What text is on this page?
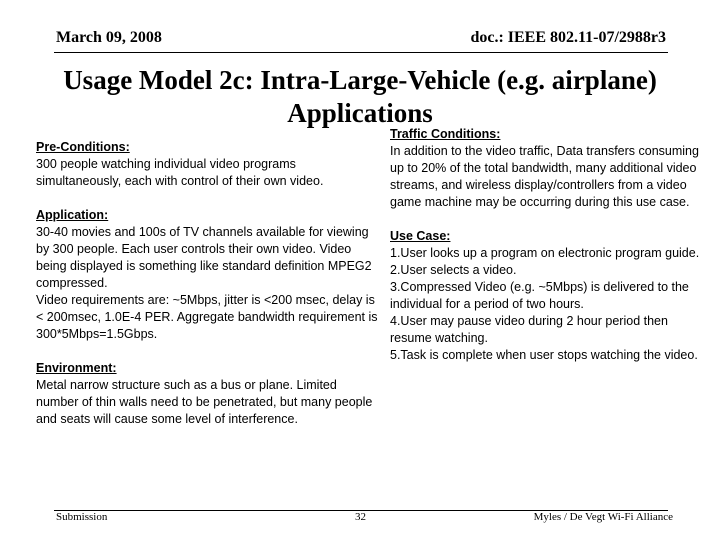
March 09, 2008	doc.: IEEE 802.11-07/2988r3
Usage Model 2c: Intra-Large-Vehicle (e.g. airplane) Applications
Pre-Conditions:
300 people watching individual video programs simultaneously, each with control of their own video.
Application:
30-40 movies and 100s of TV channels available for viewing by 300 people. Each user controls their own video. Video being displayed is something like standard definition MPEG2 compressed.
Video requirements are: ~5Mbps, jitter is <200 msec, delay is < 200msec, 1.0E-4 PER. Aggregate bandwidth requirement is 300*5Mbps=1.5Gbps.
Environment:
Metal narrow structure such as a bus or plane. Limited number of thin walls need to be penetrated, but many people and seats will cause some level of interference.
Traffic Conditions:
In addition to the video traffic, Data transfers consuming up to 20% of the total bandwidth, many additional video streams, and wireless display/controllers from a video game machine may be occurring during this use case.
Use Case:
1.User looks up a program on electronic program guide.
2.User selects a video.
3.Compressed Video (e.g. ~5Mbps) is delivered to the individual for a period of two hours.
4.User may pause video during 2 hour period then resume watching.
5.Task is complete when user stops watching the video.
Submission	32	Myles / De Vegt Wi-Fi Alliance
